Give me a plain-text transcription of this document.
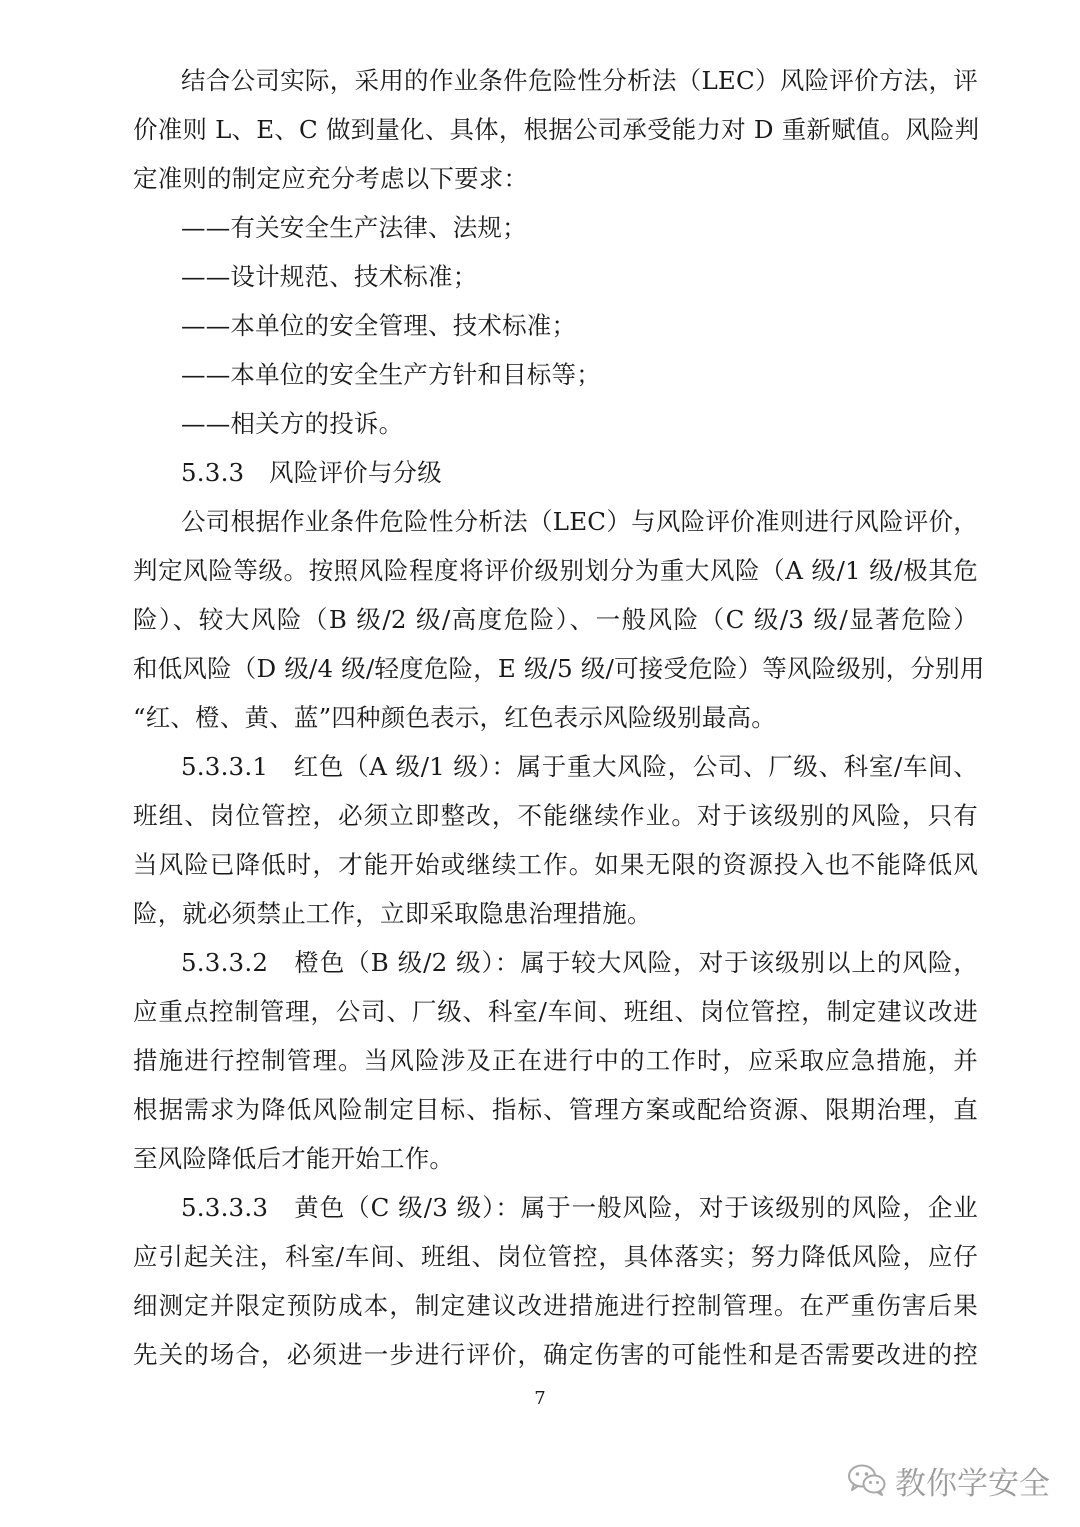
结合公司实际，采用的作业条件危险性分析法（LEC）风险评价方法，评
价准则 L、E、C 做到量化、具体，根据公司承受能力对 D 重新赋值。风险判
定准则的制定应充分考虑以下要求：
——有关安全生产法律、法规；
——设计规范、技术标准；
——本单位的安全管理、技术标准；
——本单位的安全生产方针和目标等；
——相关方的投诉。
5.3.3　风险评价与分级
公司根据作业条件危险性分析法（LEC）与风险评价准则进行风险评价，
判定风险等级。按照风险程度将评价级别划分为重大风险（A 级/1 级/极其危
险）、较大风险（B 级/2 级/高度危险）、一般风险（C 级/3 级/显著危险）
和低风险（D 级/4 级/轻度危险，E 级/5 级/可接受危险）等风险级别，分别用
“红、橙、黄、蓝”四种颜色表示，红色表示风险级别最高。
5.3.3.1　红色（A 级/1 级）：属于重大风险，公司、厂级、科室/车间、
班组、岗位管控，必须立即整改，不能继续作业。对于该级别的风险，只有
当风险已降低时，才能开始或继续工作。如果无限的资源投入也不能降低风
险，就必须禁止工作，立即采取隐患治理措施。
5.3.3.2　橙色（B 级/2 级）：属于较大风险，对于该级别以上的风险，
应重点控制管理，公司、厂级、科室/车间、班组、岗位管控，制定建议改进
措施进行控制管理。当风险涉及正在进行中的工作时，应采取应急措施，并
根据需求为降低风险制定目标、指标、管理方案或配给资源、限期治理，直
至风险降低后才能开始工作。
5.3.3.3　黄色（C 级/3 级）：属于一般风险，对于该级别的风险，企业
应引起关注，科室/车间、班组、岗位管控，具体落实；努力降低风险，应仔
细测定并限定预防成本，制定建议改进措施进行控制管理。在严重伤害后果
先关的场合，必须进一步进行评价，确定伤害的可能性和是否需要改进的控
7
教你学安全
